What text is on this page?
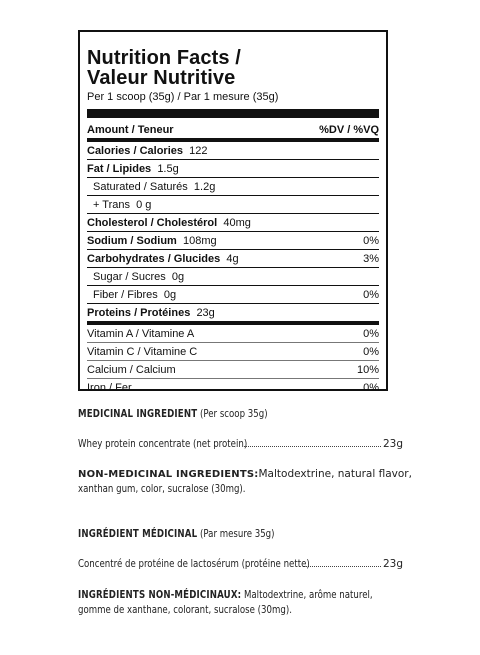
Nutrition Facts /
Valeur Nutritive
Per 1 scoop (35g) / Par 1 mesure (35g)
Amount / Teneur	%DV / %VQ
Calories / Calories 122
Fat / Lipides 1.5g
Saturated / Saturés 1.2g
+ Trans 0 g
Cholesterol / Cholestérol 40mg
Sodium / Sodium 108mg	0%
Carbohydrates / Glucides 4g	3%
Sugar / Sucres 0g
Fiber / Fibres 0g	0%
Proteins / Protéines 23g
Vitamin A / Vitamine A	0%
Vitamin C / Vitamine C	0%
Calcium / Calcium	10%
Iron / Fer	0%
MEDICINAL INGREDIENT (Per scoop 35g)
Whey protein concentrate (net protein)	23g
NON-MEDICINAL INGREDIENTS: Maltodextrine, natural flavor,
xanthan gum, color, sucralose (30mg).
INGRÉDIENT MÉDICINAL (Par mesure 35g)
Concentré de protéine de lactosérum (protéine nette)	23g
INGRÉDIENTS NON-MÉDICINAUX: Maltodextrine, arôme naturel,
gomme de xanthane, colorant, sucralose (30mg).
